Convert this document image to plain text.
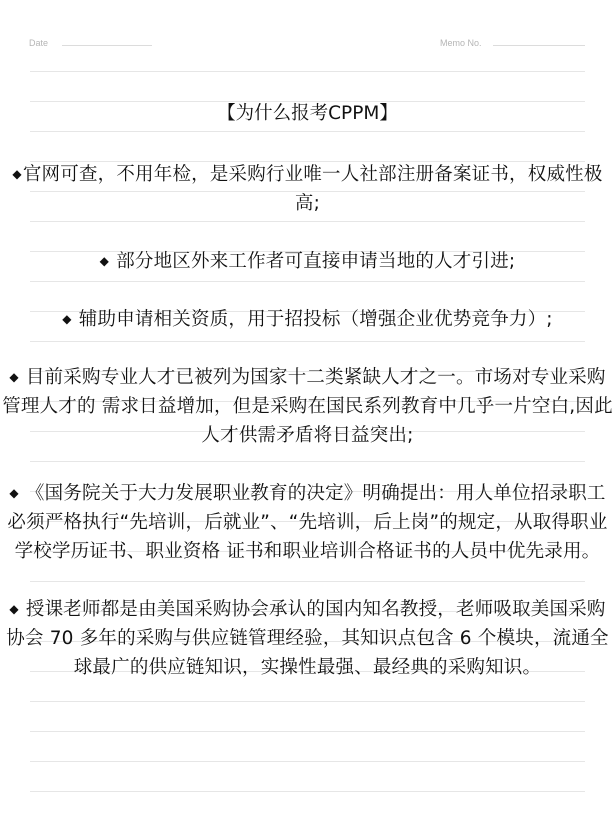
Date	Memo No.

【为什么报考CPPM】

◆官网可查，不用年检，是采购行业唯一人社部注册备案证书，权威性极高;

◆ 部分地区外来工作者可直接申请当地的人才引进;

◆ 辅助申请相关资质，用于招投标（增强企业优势竞争力）;

◆ 目前采购专业人才已被列为国家十二类紧缺人才之一。市场对专业采购管理人才的 需求日益增加，但是采购在国民系列教育中几乎一片空白,因此人才供需矛盾将日益突出;

◆ 《国务院关于大力发展职业教育的决定》明确提出：用人单位招录职工必须严格执行“先培训，后就业”、“先培训，后上岗”的规定，从取得职业学校学历证书、职业资格 证书和职业培训合格证书的人员中优先录用。

◆ 授课老师都是由美国采购协会承认的国内知名教授，老师吸取美国采购协会 70 多年的采购与供应链管理经验，其知识点包含 6 个模块，流通全球最广的供应链知识，实操性最强、最经典的采购知识。
